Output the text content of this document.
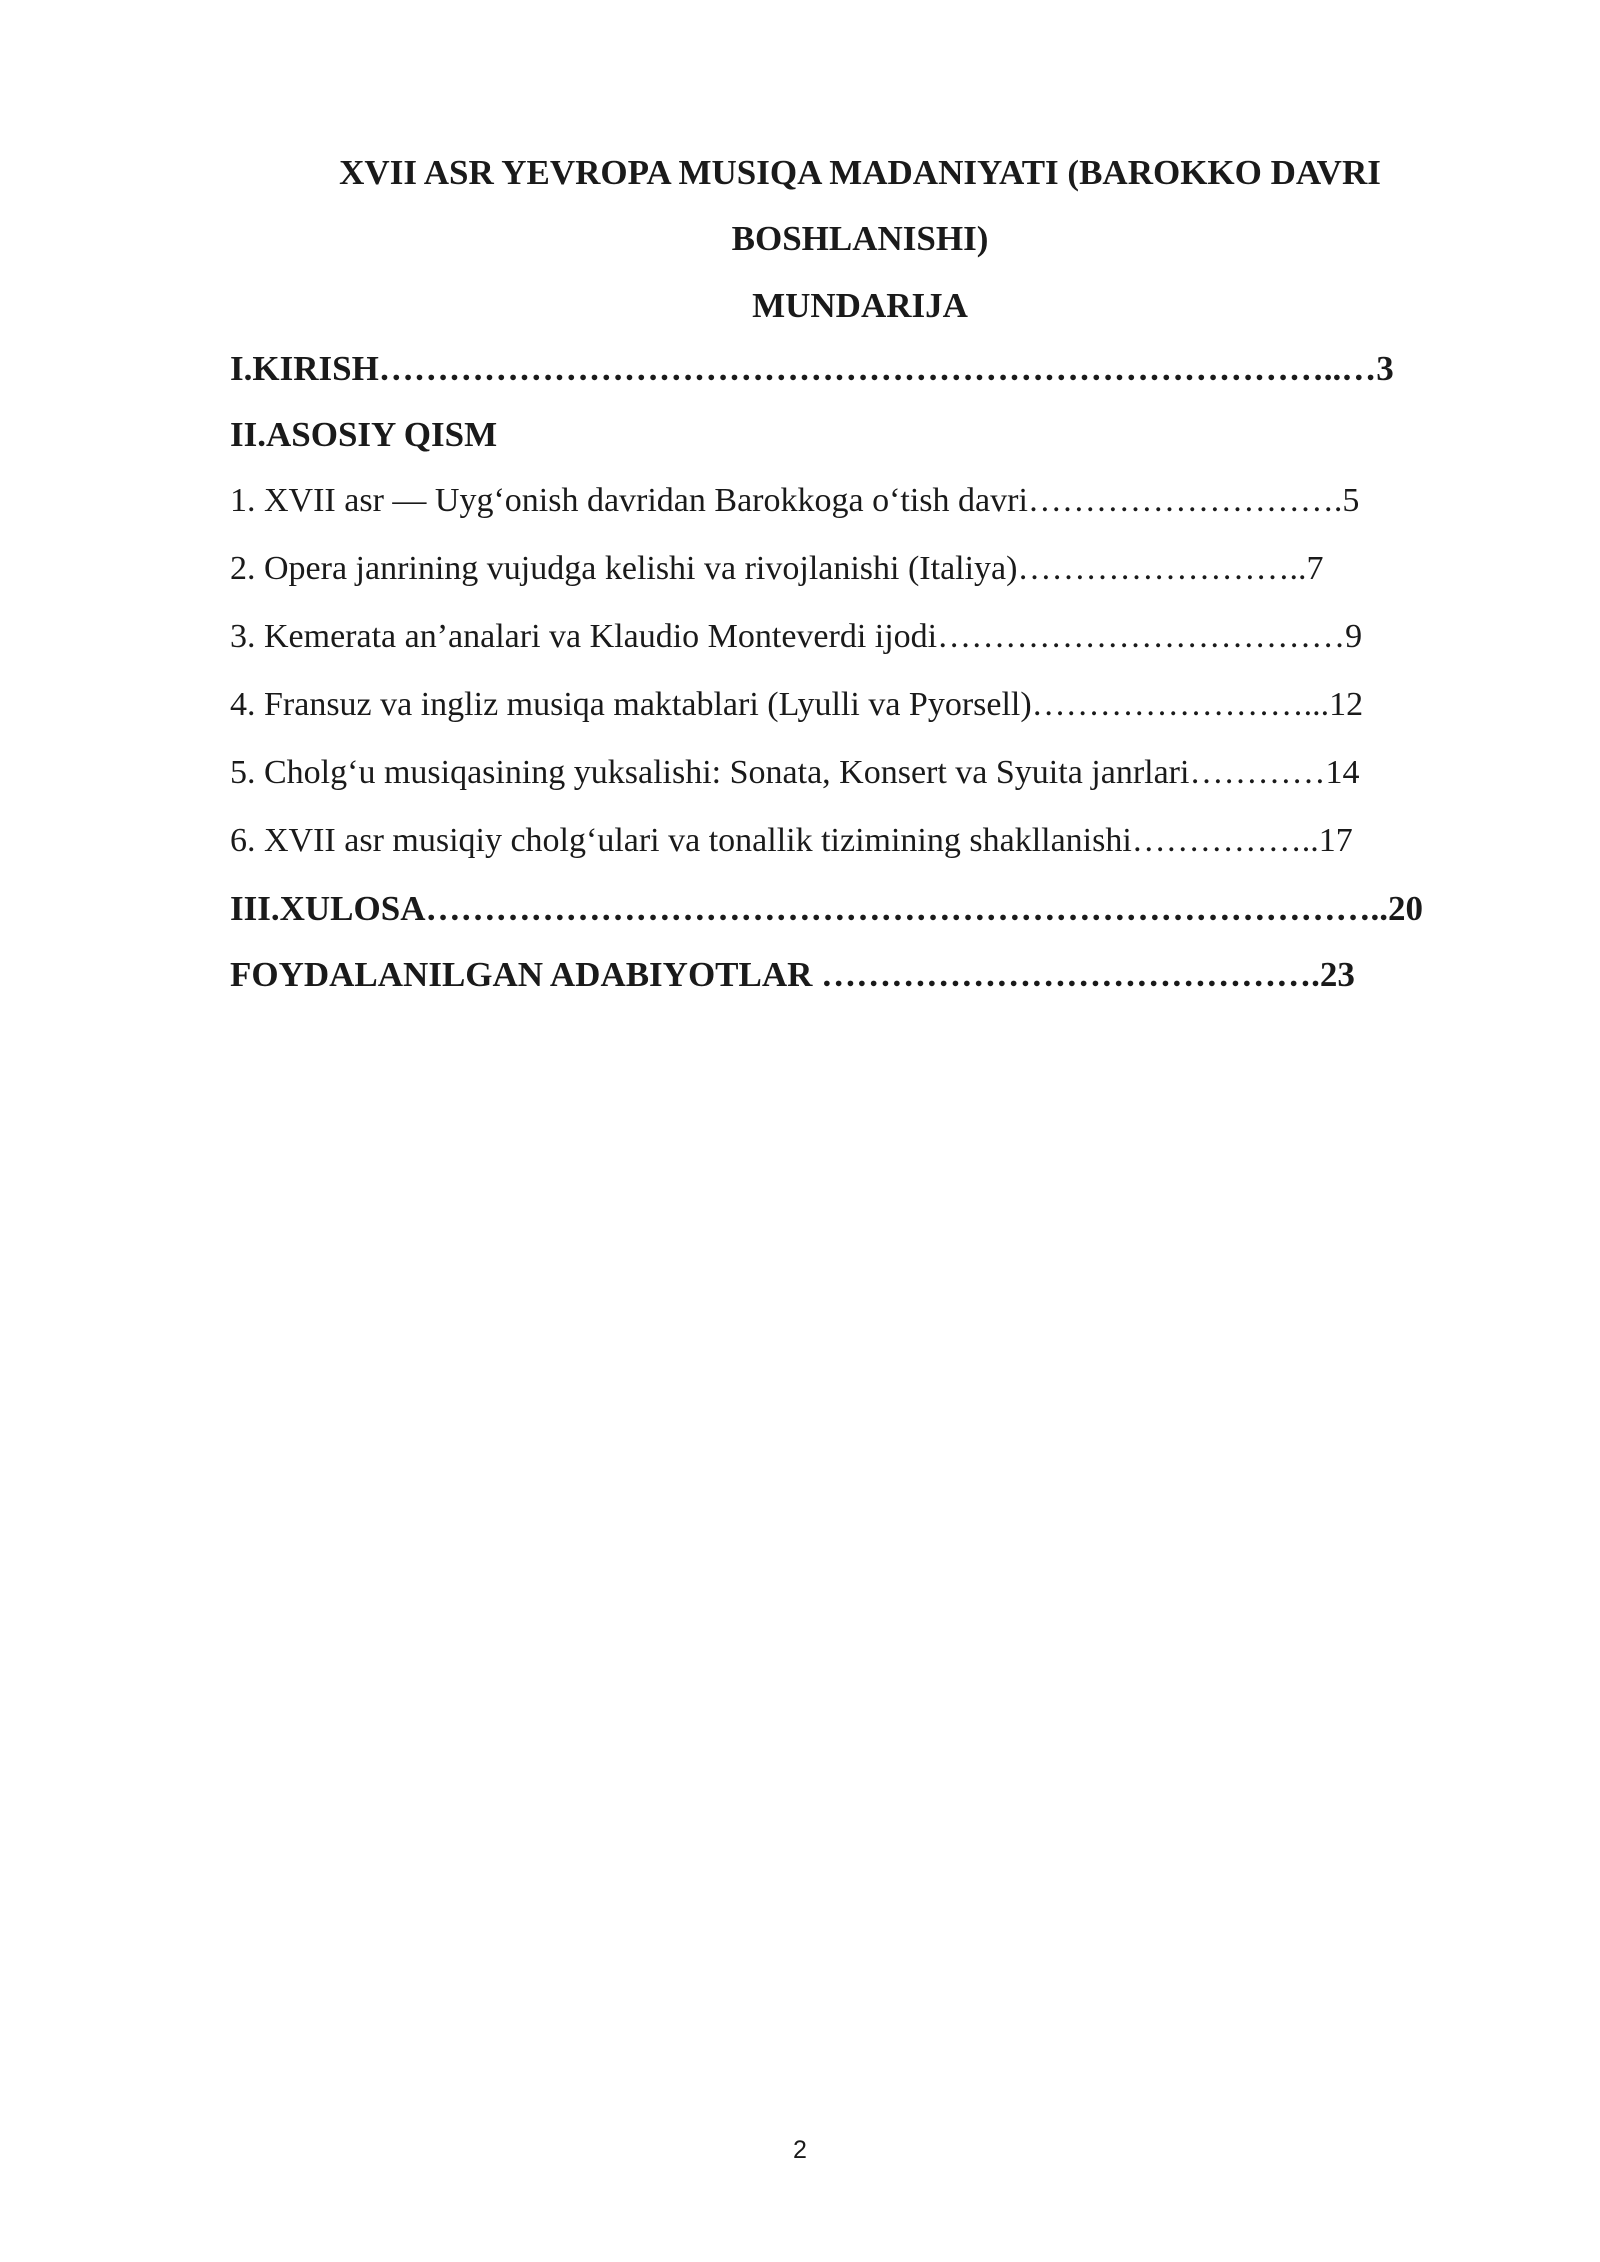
XVII ASR YEVROPA MUSIQA MADANIYATI (BAROKKO DAVRI BOSHLANISHI)
MUNDARIJA
I.KIRISH………………………………………………………………………..…3
II.ASOSIY QISM
1. XVII asr — Uygʻonish davridan Barokkoga oʻtish davri……………………….5
2. Opera janrining vujudga kelishi va rivojlanishi (Italiya)……………………..7
3. Kemerata an’analari va Klaudio Monteverdi ijodi………………………………9
4. Fransuz va ingliz musiqa maktablari (Lyulli va Pyorsell)……………………...12
5. Cholgʻu musiqasining yuksalishi: Sonata, Konsert va Syuita janrlari…………14
6. XVII asr musiqiy cholgʻulari va tonallik tizimining shakllanishi……………..17
III.XULOSA………………………………………………………………………..20
FOYDALANILGAN ADABIYOTLAR …………………………………….23
2
